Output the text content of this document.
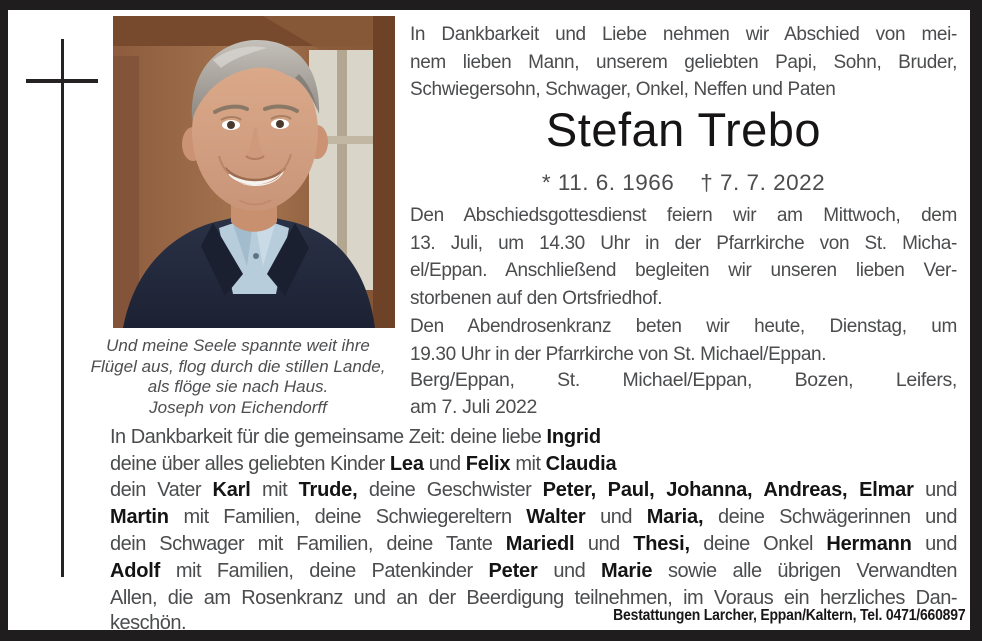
Und meine Seele spannte weit ihre
Flügel aus, flog durch die stillen Lande,
als flöge sie nach Haus.
Joseph von Eichendorff
In Dankbarkeit und Liebe nehmen wir Abschied von mei-
nem lieben Mann, unserem geliebten Papi, Sohn, Bruder,
Schwiegersohn, Schwager, Onkel, Neffen und Paten
Stefan Trebo
* 11. 6. 1966 † 7. 7. 2022
Den Abschiedsgottesdienst feiern wir am Mittwoch, dem
13. Juli, um 14.30 Uhr in der Pfarrkirche von St. Micha-
el/Eppan. Anschließend begleiten wir unseren lieben Ver-
storbenen auf den Ortsfriedhof.
Den Abendrosenkranz beten wir heute, Dienstag, um
19.30 Uhr in der Pfarrkirche von St. Michael/Eppan.
Berg/Eppan, St. Michael/Eppan, Bozen, Leifers,
am 7. Juli 2022
In Dankbarkeit für die gemeinsame Zeit: deine liebe Ingrid
deine über alles geliebten Kinder Lea und Felix mit Claudia
dein Vater Karl mit Trude, deine Geschwister Peter, Paul, Johanna, Andreas, Elmar und
Martin mit Familien, deine Schwiegereltern Walter und Maria, deine Schwägerinnen und
dein Schwager mit Familien, deine Tante Mariedl und Thesi, deine Onkel Hermann und
Adolf mit Familien, deine Patenkinder Peter und Marie sowie alle übrigen Verwandten
Allen, die am Rosenkranz und an der Beerdigung teilnehmen, im Voraus ein herzliches Dan-
keschön.	Bestattungen Larcher, Eppan/Kaltern, Tel. 0471/660897
